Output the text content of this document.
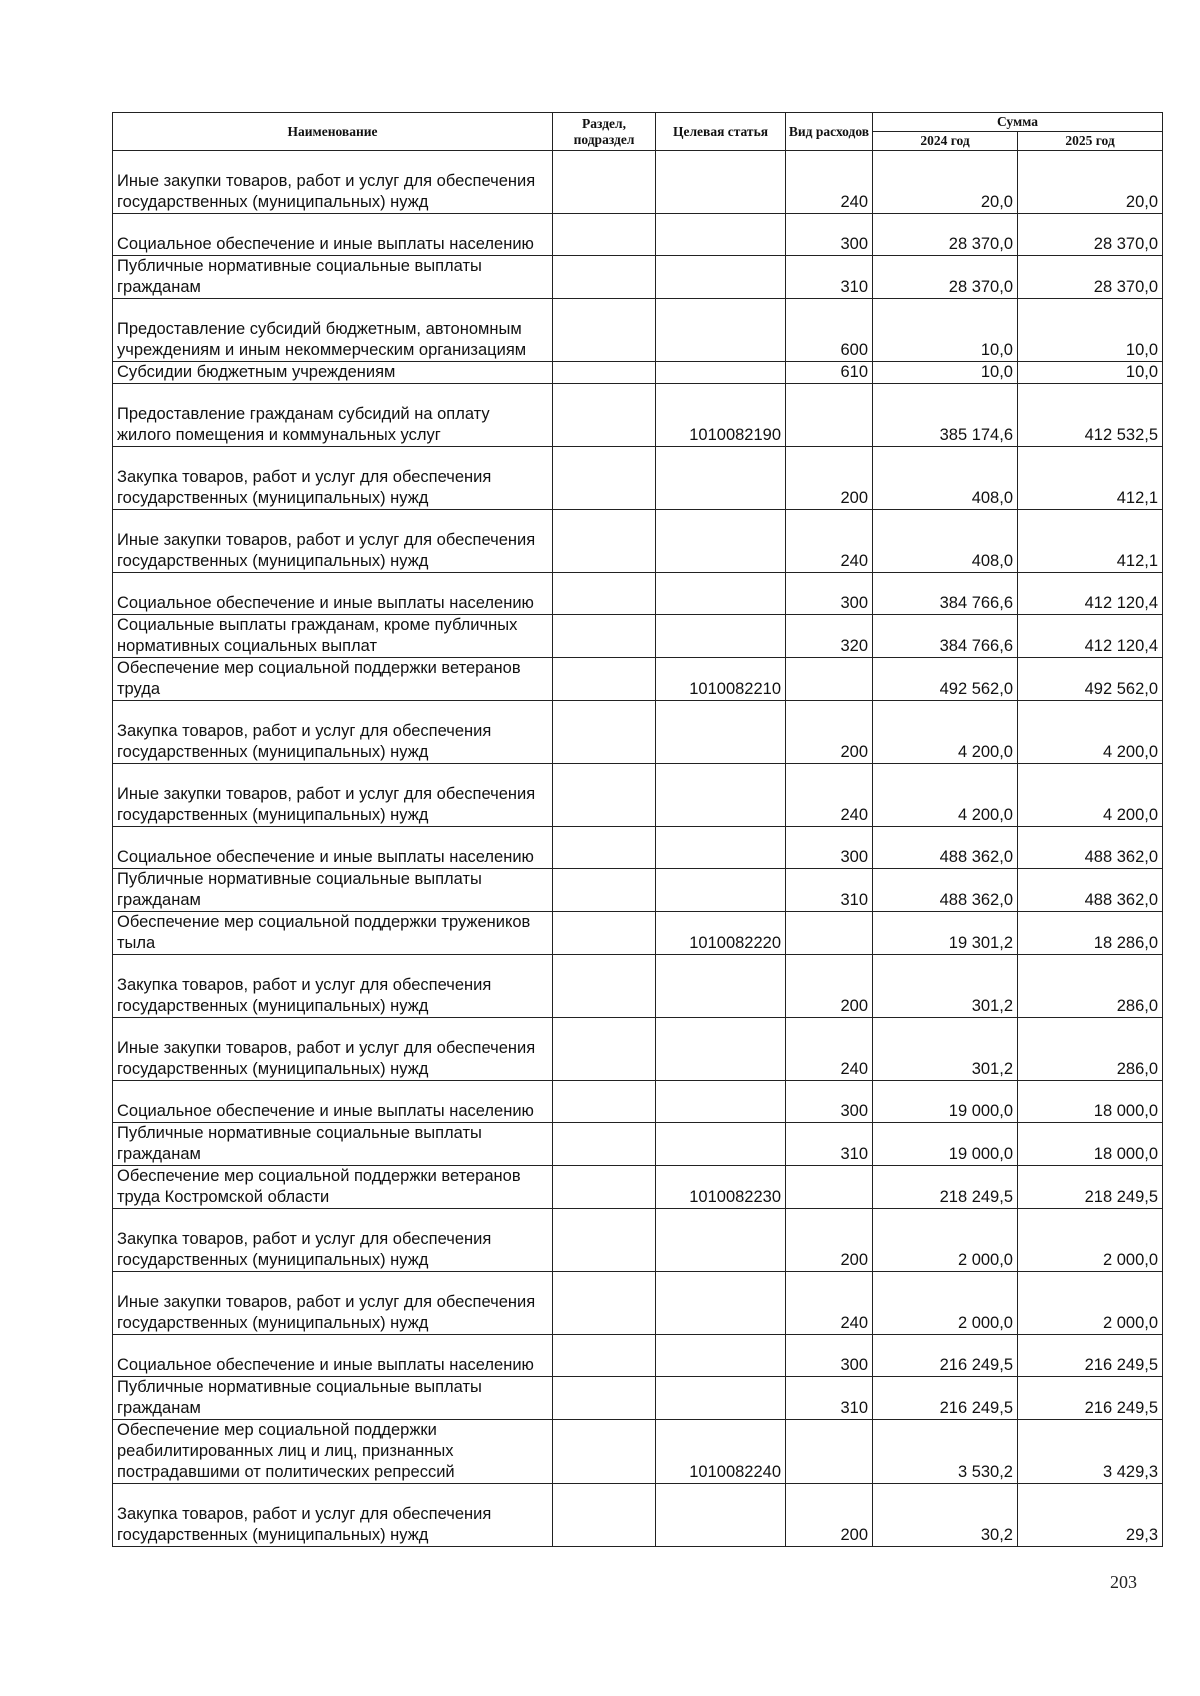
Наименование	Раздел, подраздел	Целевая статья	Вид расходов	Сумма	
				2024 год	2025 год
Иные закупки товаров, работ и услуг для обеспечения государственных (муниципальных) нужд			240	20,0	20,0
Социальное обеспечение и иные выплаты населению			300	28 370,0	28 370,0
Публичные нормативные социальные выплаты гражданам			310	28 370,0	28 370,0
Предоставление субсидий бюджетным, автономным учреждениям и иным некоммерческим организациям			600	10,0	10,0
Субсидии бюджетным учреждениям			610	10,0	10,0
Предоставление гражданам субсидий на оплату жилого помещения и коммунальных услуг		1010082190		385 174,6	412 532,5
Закупка товаров, работ и услуг для обеспечения государственных (муниципальных) нужд			200	408,0	412,1
Иные закупки товаров, работ и услуг для обеспечения государственных (муниципальных) нужд			240	408,0	412,1
Социальное обеспечение и иные выплаты населению			300	384 766,6	412 120,4
Социальные выплаты гражданам, кроме публичных нормативных социальных выплат			320	384 766,6	412 120,4
Обеспечение мер социальной поддержки ветеранов труда		1010082210		492 562,0	492 562,0
Закупка товаров, работ и услуг для обеспечения государственных (муниципальных) нужд			200	4 200,0	4 200,0
Иные закупки товаров, работ и услуг для обеспечения государственных (муниципальных) нужд			240	4 200,0	4 200,0
Социальное обеспечение и иные выплаты населению			300	488 362,0	488 362,0
Публичные нормативные социальные выплаты гражданам			310	488 362,0	488 362,0
Обеспечение мер социальной поддержки тружеников тыла		1010082220		19 301,2	18 286,0
Закупка товаров, работ и услуг для обеспечения государственных (муниципальных) нужд			200	301,2	286,0
Иные закупки товаров, работ и услуг для обеспечения государственных (муниципальных) нужд			240	301,2	286,0
Социальное обеспечение и иные выплаты населению			300	19 000,0	18 000,0
Публичные нормативные социальные выплаты гражданам			310	19 000,0	18 000,0
Обеспечение мер социальной поддержки ветеранов труда Костромской области		1010082230		218 249,5	218 249,5
Закупка товаров, работ и услуг для обеспечения государственных (муниципальных) нужд			200	2 000,0	2 000,0
Иные закупки товаров, работ и услуг для обеспечения государственных (муниципальных) нужд			240	2 000,0	2 000,0
Социальное обеспечение и иные выплаты населению			300	216 249,5	216 249,5
Публичные нормативные социальные выплаты гражданам			310	216 249,5	216 249,5
Обеспечение мер социальной поддержки реабилитированных лиц и лиц, признанных пострадавшими от политических репрессий		1010082240		3 530,2	3 429,3
Закупка товаров, работ и услуг для обеспечения государственных (муниципальных) нужд			200	30,2	29,3
203
